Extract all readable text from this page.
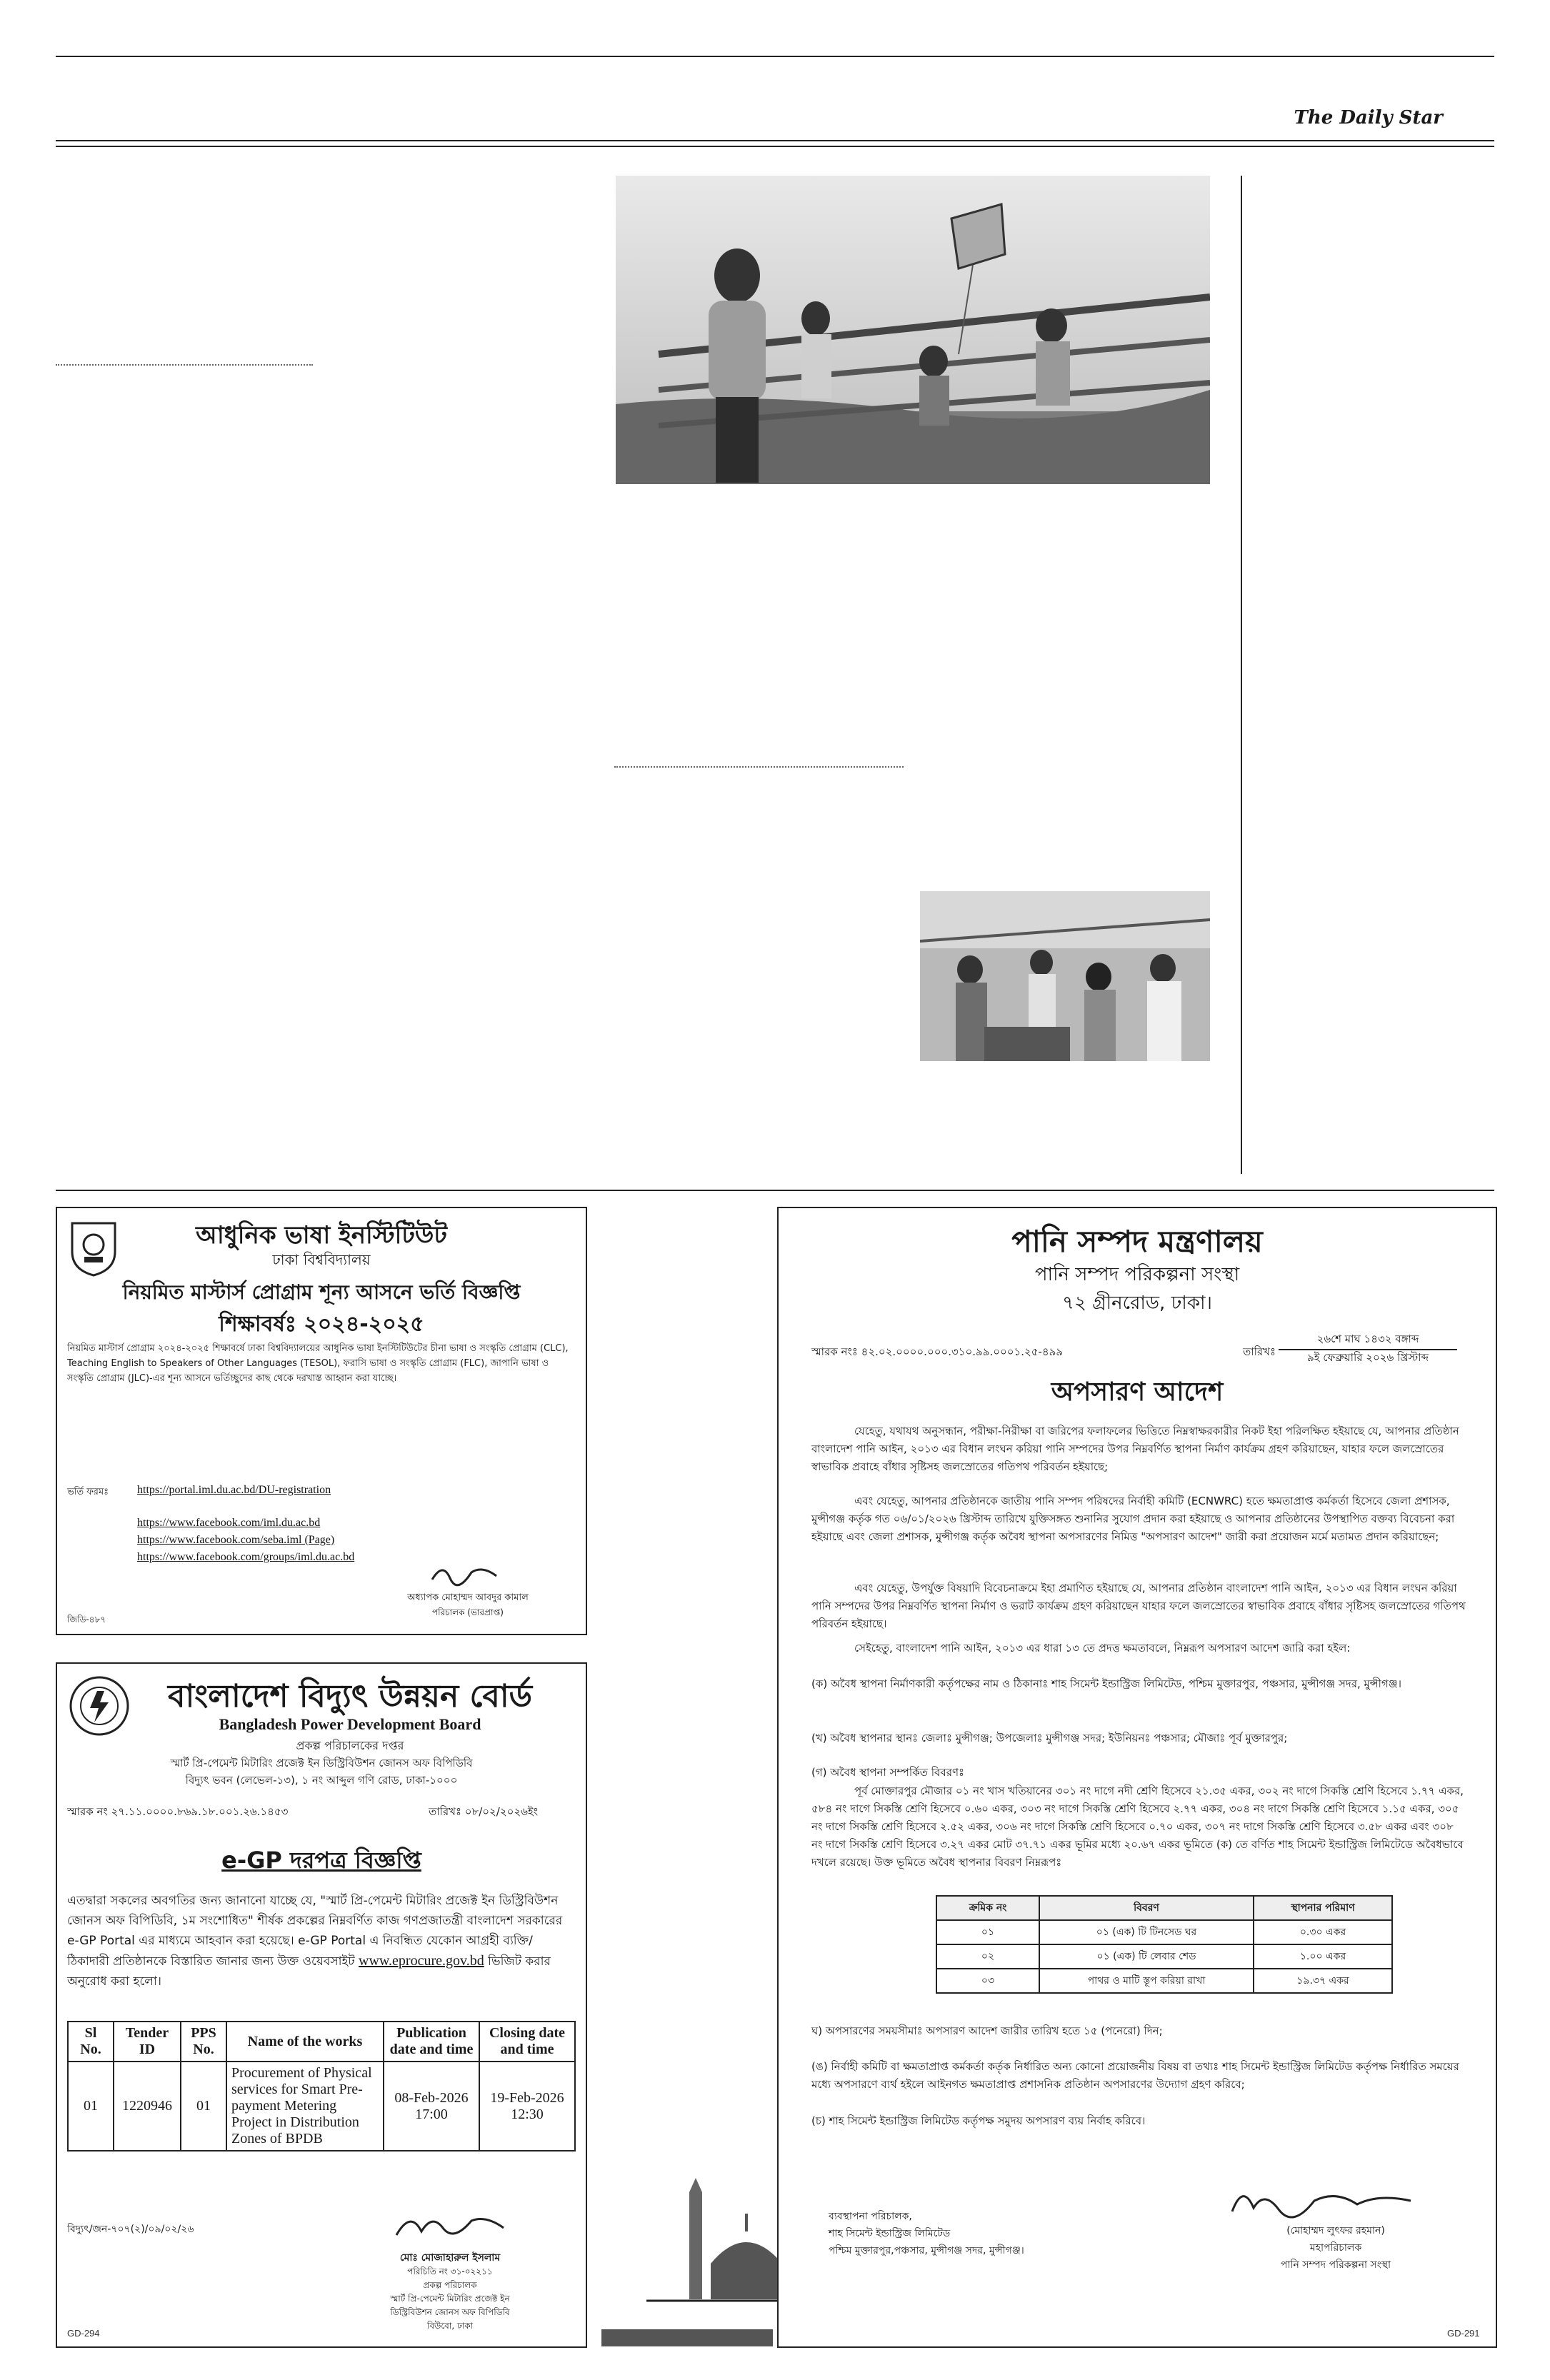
The Daily Star
আধুনিক ভাষা ইনস্টিটিউট
ঢাকা বিশ্ববিদ্যালয়
নিয়মিত মাস্টার্স প্রোগ্রাম শূন্য আসনে ভর্তি বিজ্ঞপ্তি
শিক্ষাবর্ষঃ ২০২৪-২০২৫
নিয়মিত মাস্টার্স প্রোগ্রাম ২০২৪-২০২৫ শিক্ষাবর্ষে ঢাকা বিশ্ববিদ্যালয়ের আধুনিক ভাষা ইনস্টিটিউটের চীনা ভাষা ও সংস্কৃতি প্রোগ্রাম (CLC), Teaching English to Speakers of Other Languages (TESOL), ফরাসি ভাষা ও সংস্কৃতি প্রোগ্রাম (FLC), জাপানি ভাষা ও সংস্কৃতি প্রোগ্রাম (JLC)-এর শূন্য আসনে ভর্তিচ্ছুদের কাছ থেকে দরখাস্ত আহ্বান করা যাচ্ছে।
ভর্তি ফরমঃ	https://portal.iml.du.ac.bd/DU-registration
https://www.facebook.com/iml.du.ac.bd
https://www.facebook.com/seba.iml (Page)
https://www.facebook.com/groups/iml.du.ac.bd
অধ্যাপক মোহাম্মদ আবদুর কামাল
পরিচালক (ভারপ্রাপ্ত)
জিডি-৪৮৭
বাংলাদেশ বিদ্যুৎ উন্নয়ন বোর্ড
Bangladesh Power Development Board
প্রকল্প পরিচালকের দপ্তর
স্মার্ট প্রি-পেমেন্ট মিটারিং প্রজেক্ট ইন ডিস্ট্রিবিউশন জোনস অফ বিপিডিবি
বিদ্যুৎ ভবন (লেভেল-১৩), ১ নং আব্দুল গণি রোড, ঢাকা-১০০০
স্মারক নং ২৭.১১.০০০০.৮৬৯.১৮.০০১.২৬.১৪৫৩	তারিখঃ ০৮/০২/২০২৬ইং
e-GP দরপত্র বিজ্ঞপ্তি
এতদ্বারা সকলের অবগতির জন্য জানানো যাচ্ছে যে, "স্মার্ট প্রি-পেমেন্ট মিটারিং প্রজেক্ট ইন ডিস্ট্রিবিউশন জোনস অফ বিপিডিবি, ১ম সংশোধিত" শীর্ষক প্রকল্পের নিম্নবর্ণিত কাজ গণপ্রজাতন্ত্রী বাংলাদেশ সরকারের e-GP Portal এর মাধ্যমে আহবান করা হয়েছে। e-GP Portal এ নিবন্ধিত যেকোন আগ্রহী ব্যক্তি/ঠিকাদারী প্রতিষ্ঠানকে বিস্তারিত জানার জন্য উক্ত ওয়েবসাইট www.eprocure.gov.bd ভিজিট করার অনুরোধ করা হলো।
Sl No.	Tender ID	PPS No.	Name of the works	Publication date and time	Closing date and time
01	1220946	01	Procurement of Physical services for Smart Pre-payment Metering Project in Distribution Zones of BPDB	08-Feb-2026 17:00	19-Feb-2026 12:30
বিদ্যুৎ/জন-৭০৭(২)/০৯/০২/২৬
মোঃ মোজাহারুল ইসলাম
পরিচিতি নং ৩১-০২২১১
প্রকল্প পরিচালক
স্মার্ট প্রি-পেমেন্ট মিটারিং প্রজেক্ট ইন
ডিস্ট্রিবিউশন জোনস অফ বিপিডিবি
বিউবো, ঢাকা
GD-294
পানি সম্পদ মন্ত্রণালয়
পানি সম্পদ পরিকল্পনা সংস্থা
৭২ গ্রীনরোড, ঢাকা।
স্মারক নংঃ ৪২.০২.০০০০.০০০.৩১০.৯৯.০০০১.২৫-৪৯৯	তারিখঃ
২৬শে মাঘ ১৪৩২ বঙ্গাব্দ
৯ই ফেব্রুয়ারি ২০২৬ খ্রিস্টাব্দ
অপসারণ আদেশ
যেহেতু, যথাযথ অনুসন্ধান, পরীক্ষা-নিরীক্ষা বা জরিপের ফলাফলের ভিত্তিতে নিম্নস্বাক্ষরকারীর নিকট ইহা পরিলক্ষিত হইয়াছে যে, আপনার প্রতিষ্ঠান বাংলাদেশ পানি আইন, ২০১৩ এর বিধান লংঘন করিয়া পানি সম্পদের উপর নিম্নবর্ণিত স্থাপনা নির্মাণ কার্যক্রম গ্রহণ করিয়াছেন, যাহার ফলে জলস্রোতের স্বাভাবিক প্রবাহে বাঁধার সৃষ্টিসহ জলস্রোতের গতিপথ পরিবর্তন হইয়াছে;
এবং যেহেতু, আপনার প্রতিষ্ঠানকে জাতীয় পানি সম্পদ পরিষদের নির্বাহী কমিটি (ECNWRC) হতে ক্ষমতাপ্রাপ্ত কর্মকর্তা হিসেবে জেলা প্রশাসক, মুন্সীগঞ্জ কর্তৃক গত ০৬/০১/২০২৬ খ্রিস্টাব্দ তারিখে যুক্তিসঙ্গত শুনানির সুযোগ প্রদান করা হইয়াছে ও আপনার প্রতিষ্ঠানের উপস্থাপিত বক্তব্য বিবেচনা করা হইয়াছে এবং জেলা প্রশাসক, মুন্সীগঞ্জ কর্তৃক অবৈধ স্থাপনা অপসারণের নিমিত্ত "অপসারণ আদেশ" জারী করা প্রয়োজন মর্মে মতামত প্রদান করিয়াছেন;
এবং যেহেতু, উপর্যুক্ত বিষয়াদি বিবেচনাক্রমে ইহা প্রমাণিত হইয়াছে যে, আপনার প্রতিষ্ঠান বাংলাদেশ পানি আইন, ২০১৩ এর বিধান লংঘন করিয়া পানি সম্পদের উপর নিম্নবর্ণিত স্থাপনা নির্মাণ ও ভরাট কার্যক্রম গ্রহণ করিয়াছেন যাহার ফলে জলস্রোতের স্বাভাবিক প্রবাহে বাঁধার সৃষ্টিসহ জলস্রোতের গতিপথ পরিবর্তন হইয়াছে।
সেইহেতু, বাংলাদেশ পানি আইন, ২০১৩ এর ধারা ১৩ তে প্রদত্ত ক্ষমতাবলে, নিম্নরূপ অপসারণ আদেশ জারি করা হইল:
(ক) অবৈধ স্থাপনা নির্মাণকারী কর্তৃপক্ষের নাম ও ঠিকানাঃ শাহ সিমেন্ট ইন্ডাস্ট্রিজ লিমিটেড, পশ্চিম মুক্তারপুর, পঞ্চসার, মুন্সীগঞ্জ সদর, মুন্সীগঞ্জ।
(খ) অবৈধ স্থাপনার স্থানঃ জেলাঃ মুন্সীগঞ্জ; উপজেলাঃ মুন্সীগঞ্জ সদর; ইউনিয়নঃ পঞ্চসার; মৌজাঃ পূর্ব মুক্তারপুর;
(গ) অবৈধ স্থাপনা সম্পর্কিত বিবরণঃ
পূর্ব মোক্তারপুর মৌজার ০১ নং খাস খতিয়ানের ৩০১ নং দাগে নদী শ্রেণি হিসেবে ২১.৩৫ একর, ৩০২ নং দাগে সিকস্তি শ্রেণি হিসেবে ১.৭৭ একর, ৫৮৪ নং দাগে সিকস্তি শ্রেণি হিসেবে ০.৬০ একর, ৩০৩ নং দাগে সিকস্তি শ্রেণি হিসেবে ২.৭৭ একর, ৩০৪ নং দাগে সিকস্তি শ্রেণি হিসেবে ১.১৫ একর, ৩০৫ নং দাগে সিকস্তি শ্রেণি হিসেবে ২.৫২ একর, ৩০৬ নং দাগে সিকস্তি শ্রেণি হিসেবে ০.৭০ একর, ৩০৭ নং দাগে সিকস্তি শ্রেণি হিসেবে ৩.৫৮ একর এবং ৩০৮ নং দাগে সিকস্তি শ্রেণি হিসেবে ৩.২৭ একর মোট ৩৭.৭১ একর ভূমির মধ্যে ২০.৬৭ একর ভূমিতে (ক) তে বর্ণিত শাহ সিমেন্ট ইন্ডাস্ট্রিজ লিমিটেডে অবৈধভাবে দখলে রয়েছে। উক্ত ভূমিতে অবৈধ স্থাপনার বিবরণ নিম্নরূপঃ
ক্রমিক নং	বিবরণ	স্থাপনার পরিমাণ
০১	০১ (এক) টি টিনসেড ঘর	০.৩০ একর
০২	০১ (এক) টি লেবার শেড	১.০০ একর
০৩	পাথর ও মাটি স্তূপ করিয়া রাখা	১৯.৩৭ একর
ঘ) অপসারণের সময়সীমাঃ অপসারণ আদেশ জারীর তারিখ হতে ১৫ (পনেরো) দিন;
(ঙ) নির্বাহী কমিটি বা ক্ষমতাপ্রাপ্ত কর্মকর্তা কর্তৃক নির্ধারিত অন্য কোনো প্রয়োজনীয় বিষয় বা তথ্যঃ শাহ সিমেন্ট ইন্ডাস্ট্রিজ লিমিটেড কর্তৃপক্ষ নির্ধারিত সময়ের মধ্যে অপসারণে ব্যর্থ হইলে আইনগত ক্ষমতাপ্রাপ্ত প্রশাসনিক প্রতিষ্ঠান অপসারণের উদ্যোগ গ্রহণ করিবে;
(চ) শাহ সিমেন্ট ইন্ডাস্ট্রিজ লিমিটেড কর্তৃপক্ষ সমুদয় অপসারণ ব্যয় নির্বাহ করিবে।
ব্যবস্থাপনা পরিচালক,
শাহ সিমেন্ট ইন্ডাস্ট্রিজ লিমিটেড
পশ্চিম মুক্তারপুর,পঞ্চসার, মুন্সীগঞ্জ সদর, মুন্সীগঞ্জ।
(মোহাম্মদ লুৎফর রহমান)
মহাপরিচালক
পানি সম্পদ পরিকল্পনা সংস্থা
GD-291
